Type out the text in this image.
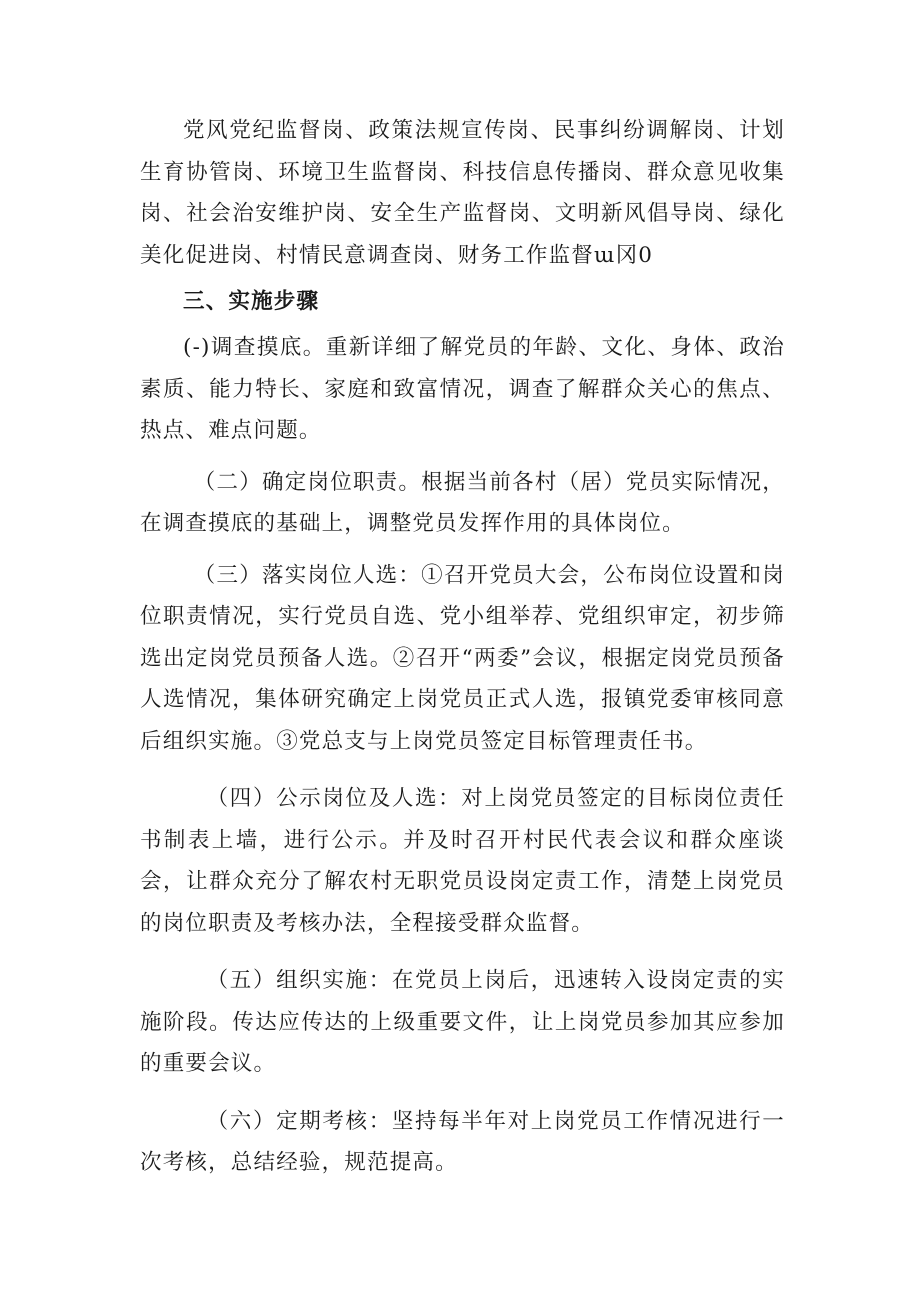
党风党纪监督岗、政策法规宣传岗、民事纠纷调解岗、计划生育协管岗、环境卫生监督岗、科技信息传播岗、群众意见收集岗、社会治安维护岗、安全生产监督岗、文明新风倡导岗、绿化美化促进岗、村情民意调查岗、财务工作监督ɯ冈0

三、实施步骤

(-)调查摸底。重新详细了解党员的年龄、文化、身体、政治素质、能力特长、家庭和致富情况，调查了解群众关心的焦点、热点、难点问题。

（二）确定岗位职责。根据当前各村（居）党员实际情况，在调查摸底的基础上，调整党员发挥作用的具体岗位。

（三）落实岗位人选：①召开党员大会，公布岗位设置和岗位职责情况，实行党员自选、党小组举荐、党组织审定，初步筛选出定岗党员预备人选。②召开“两委”会议，根据定岗党员预备人选情况，集体研究确定上岗党员正式人选，报镇党委审核同意后组织实施。③党总支与上岗党员签定目标管理责任书。

（四）公示岗位及人选：对上岗党员签定的目标岗位责任书制表上墙，进行公示。并及时召开村民代表会议和群众座谈会，让群众充分了解农村无职党员设岗定责工作，清楚上岗党员的岗位职责及考核办法，全程接受群众监督。

（五）组织实施：在党员上岗后，迅速转入设岗定责的实施阶段。传达应传达的上级重要文件，让上岗党员参加其应参加的重要会议。

（六）定期考核：坚持每半年对上岗党员工作情况进行一次考核，总结经验，规范提高。
